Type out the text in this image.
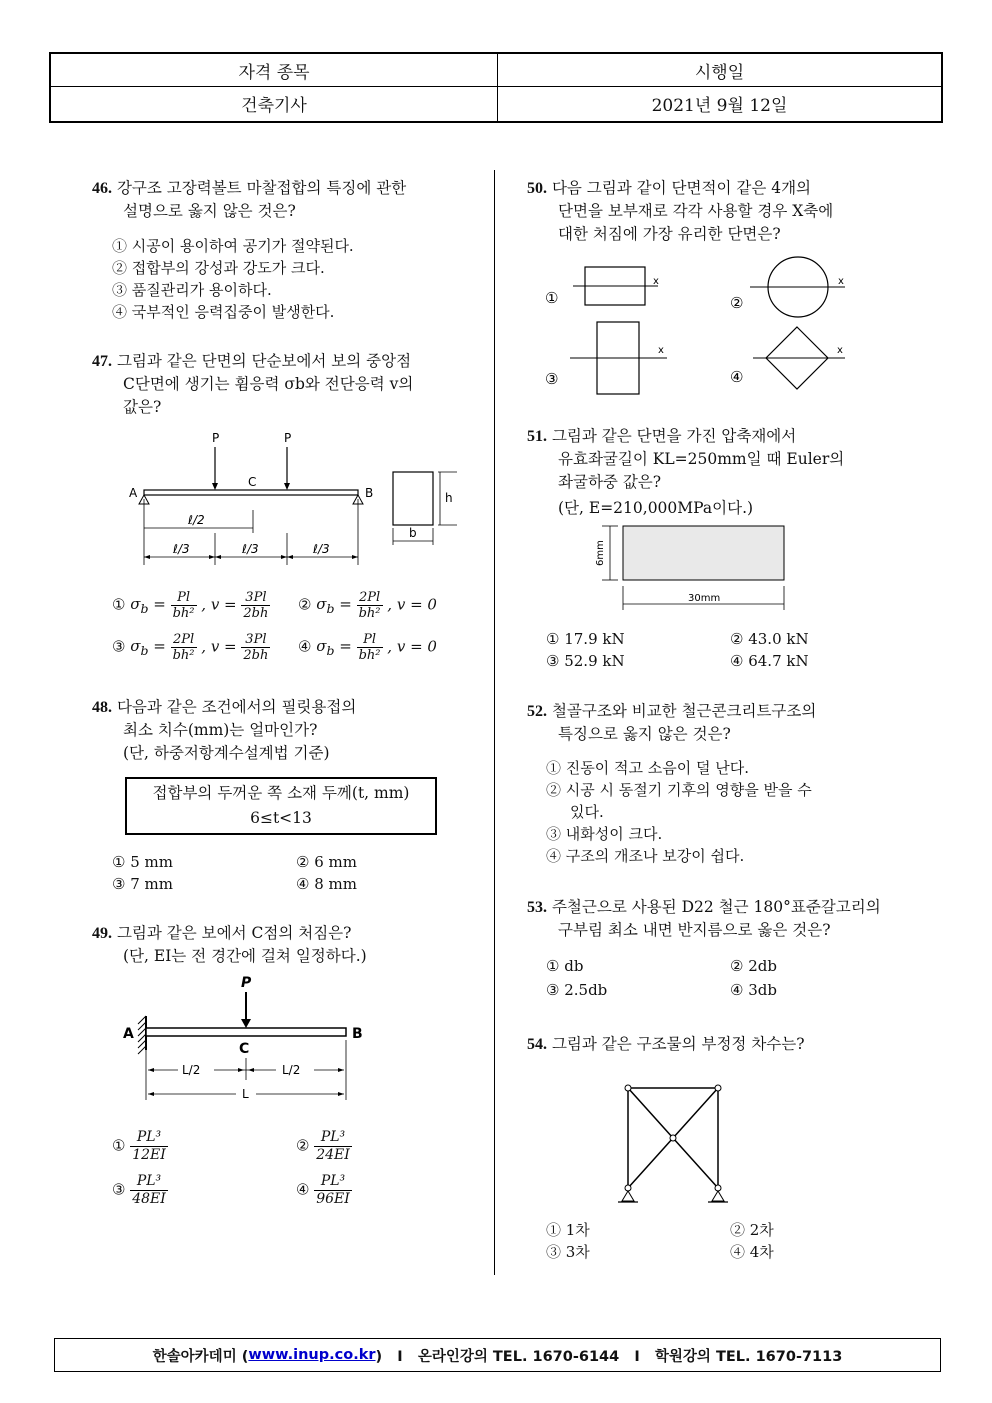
자격 종목	시행일
건축기사	2021년 9월 12일
46. 강구조 고장력볼트 마찰접합의 특징에 관한
설명으로 옳지 않은 것은?
① 시공이 용이하여 공기가 절약된다.
② 접합부의 강성과 강도가 크다.
③ 품질관리가 용이하다.
④ 국부적인 응력집중이 발생한다.
47. 그림과 같은 단면의 단순보에서 보의 중앙점
C단면에 생기는 휨응력 σb와 전단응력 v의
값은?
P	P
C
A	B
ℓ/2
ℓ/3	ℓ/3	ℓ/3
h
b
① $\sigma_b = \frac{Pl}{\text{bh²}}$ , $v = \frac{3Pl}{2bh}$ ② $\sigma_b = \frac{2Pl}{\text{bh²}}$ , v = 0
③ $\sigma_b = \frac{2Pl}{\text{bh²}}$ , $v = \frac{3Pl}{2bh}$ ④ $\sigma_b = \frac{Pl}{\text{bh²}}$ , v = 0
48. 다음과 같은 조건에서의 필릿용접의
최소 치수(mm)는 얼마인가?
(단, 하중저항계수설계법 기준)
접합부의 두꺼운 쪽 소재 두께(t, mm)
6≤t<13
① 5 mm	② 6 mm
③ 7 mm	④ 8 mm
49. 그림과 같은 보에서 C점의 처짐은?
(단, EI는 전 경간에 걸쳐 일정하다.)
P
A	B
C
L/2	L/2
L
① $\frac{\text{PL³}}{12EI}$	② $\frac{\text{PL³}}{24EI}$
③ $\frac{\text{PL³}}{48EI}$	④ $\frac{\text{PL³}}{96EI}$
50. 다음 그림과 같이 단면적이 같은 4개의
단면을 보부재로 각각 사용할 경우 X축에
대한 처짐에 가장 유리한 단면은?
①
x
②
x
③
x
④
x
51. 그림과 같은 단면을 가진 압축재에서
유효좌굴길이 KL=250mm일 때 Euler의
좌굴하중 값은?
(단, E=210,000MPa이다.)
6mm
30mm
① 17.9 kN	② 43.0 kN
③ 52.9 kN	④ 64.7 kN
52. 철골구조와 비교한 철근콘크리트구조의
특징으로 옳지 않은 것은?
① 진동이 적고 소음이 덜 난다.
② 시공 시 동절기 기후의 영향을 받을 수
있다.
③ 내화성이 크다.
④ 구조의 개조나 보강이 쉽다.
53. 주철근으로 사용된 D22 철근 180°표준갈고리의
구부림 최소 내면 반지름으로 옳은 것은?
① db	② 2db
③ 2.5db	④ 3db
54. 그림과 같은 구조물의 부정정 차수는?
① 1차	② 2차
③ 3차	④ 4차
한솔아카데미 ( www.inup.co.kr )   I   온라인강의 TEL. 1670-6144   I   학원강의 TEL. 1670-7113
